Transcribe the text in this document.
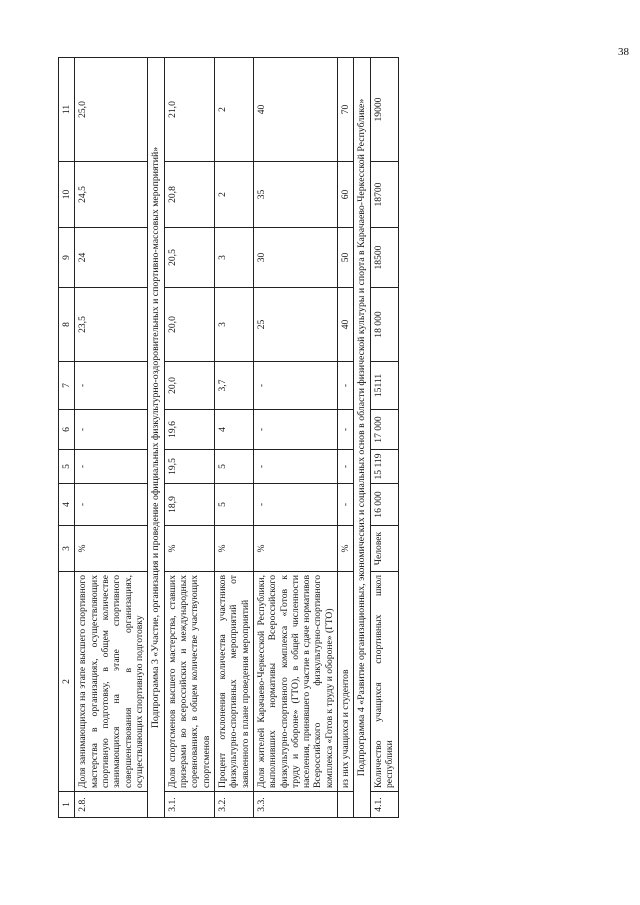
38
1	2	3	4	5	6	7	8	9	10	11
2.8.	Доля занимающихся на этапе высшего спортивного мастерства в организациях, осуществляющих спортивную подготовку, в общем количестве занимающихся на этапе спортивного совершенствования в организациях, осуществляющих спортивную подготовку	%	-	-	-	-	23,5	24	24,5	25,0
Подпрограмма 3 «Участие, организация и проведение официальных физкультурно-оздоровительных и спортивно-массовых мероприятий»										
3.1.	Доля спортсменов высшего мастерства, ставших призерами во всероссийских и международных соревнованиях, в общем количестве участвующих спортсменов	%	18,9	19,5	19,6	20,0	20,0	20,5	20,8	21,0
3.2.	Процент отклонения количества участников физкультурно-спортивных мероприятий от заявленного в плане проведения мероприятий	%	5	5	4	3,7	3	3	2	2
3.3.	Доля жителей Карачаево-Черкесской Республики, выполнивших нормативы Всероссийского физкультурно-спортивного комплекса «Готов к труду и обороне» (ГТО), в общей численности населения, принявшего участие в сдаче нормативов Всероссийского физкультурно-спортивного комплекса «Готов к труду и обороне» (ГТО)	%	-	-	-	-	25	30	35	40
	из них учащихся и студентов	%	-	-	-	-	40	50	60	70
Подпрограмма 4 «Развитие организационных, экономических и социальных основ в области физической культуры и спорта в Карачаево-Черкесской Республике»										
4.1.	Количество учащихся спортивных школ республики	Человек	16 000	15 119	17 000	15111	18 000	18500	18700	19000
